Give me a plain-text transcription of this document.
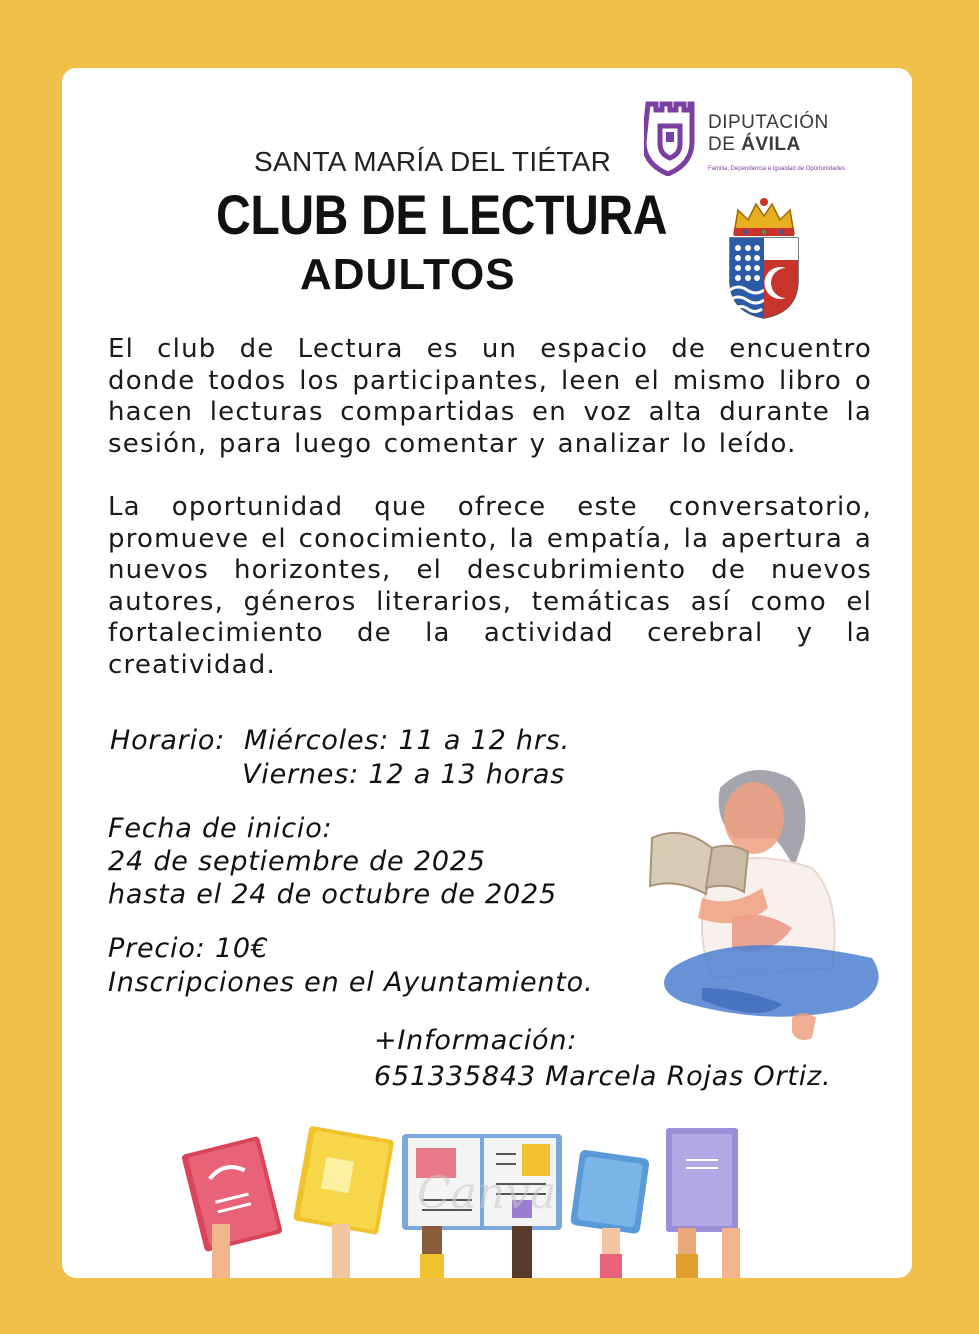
DIPUTACIÓN
DE ÁVILA
Familia, Dependencia e Igualdad de Oportunidades
SANTA MARÍA DEL TIÉTAR
CLUB DE LECTURA
ADULTOS
El club de Lectura es un espacio de encuentro donde todos los participantes, leen el mismo libro o hacen lecturas compartidas en voz alta durante la sesión, para luego comentar y analizar lo leído.
La oportunidad que ofrece este conversatorio, promueve el conocimiento, la empatía, la apertura a nuevos horizontes, el descubrimiento de nuevos autores, géneros literarios, temáticas así como el fortalecimiento de la actividad cerebral y la creatividad.
Horario: Miércoles: 11 a 12 hrs.
Viernes: 12 a 13 horas
Fecha de inicio:
24 de septiembre de 2025
hasta el 24 de octubre de 2025
Precio: 10€
Inscripciones en el Ayuntamiento.
+Información:
651335843 Marcela Rojas Ortiz.
Canva
